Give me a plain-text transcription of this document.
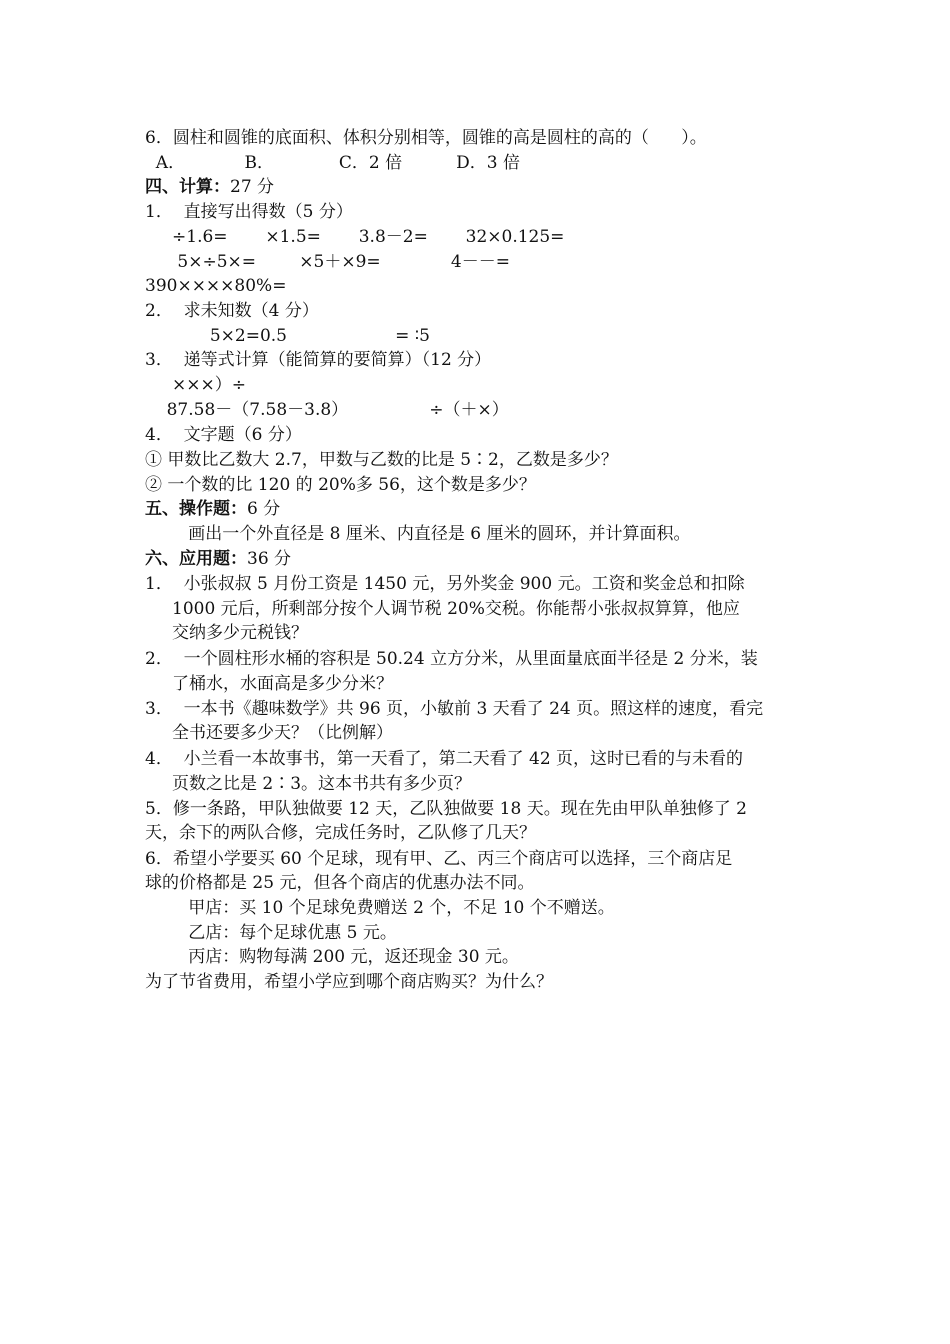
6．圆柱和圆锥的底面积、体积分别相等，圆锥的高是圆柱的高的（      ）。
A．           B．            C．2 倍          D．3 倍
四、计算：27 分
1．  直接写出得数（5 分）
÷1.6=       ×1.5=       3.8－2=       32×0.125=
5×÷5×=        ×5＋×9=             4－－=
390××××80%=
2．  求未知数（4 分）
5×2=0.5                    = ∶5
3．  递等式计算（能简算的要简算）（12 分）
×××）÷
87.58－（7.58－3.8）               ÷（＋×）
4．  文字题（6 分）
① 甲数比乙数大 2.7，甲数与乙数的比是 5∶2，乙数是多少？
② 一个数的比 120 的 20%多 56，这个数是多少？
五、操作题：6 分
画出一个外直径是 8 厘米、内直径是 6 厘米的圆环，并计算面积。
六、应用题：36 分
1．  小张叔叔 5 月份工资是 1450 元，另外奖金 900 元。工资和奖金总和扣除
1000 元后，所剩部分按个人调节税 20%交税。你能帮小张叔叔算算，他应
交纳多少元税钱？
2．  一个圆柱形水桶的容积是 50.24 立方分米，从里面量底面半径是 2 分米，装
了桶水，水面高是多少分米？
3．  一本书《趣味数学》共 96 页，小敏前 3 天看了 24 页。照这样的速度，看完
全书还要多少天？（比例解）
4．  小兰看一本故事书，第一天看了，第二天看了 42 页，这时已看的与未看的
页数之比是 2∶3。这本书共有多少页？
5．修一条路，甲队独做要 12 天，乙队独做要 18 天。现在先由甲队单独修了 2
天，余下的两队合修，完成任务时，乙队修了几天？
6．希望小学要买 60 个足球，现有甲、乙、丙三个商店可以选择，三个商店足
球的价格都是 25 元，但各个商店的优惠办法不同。
甲店：买 10 个足球免费赠送 2 个，不足 10 个不赠送。
乙店：每个足球优惠 5 元。
丙店：购物每满 200 元，返还现金 30 元。
为了节省费用，希望小学应到哪个商店购买？为什么？
